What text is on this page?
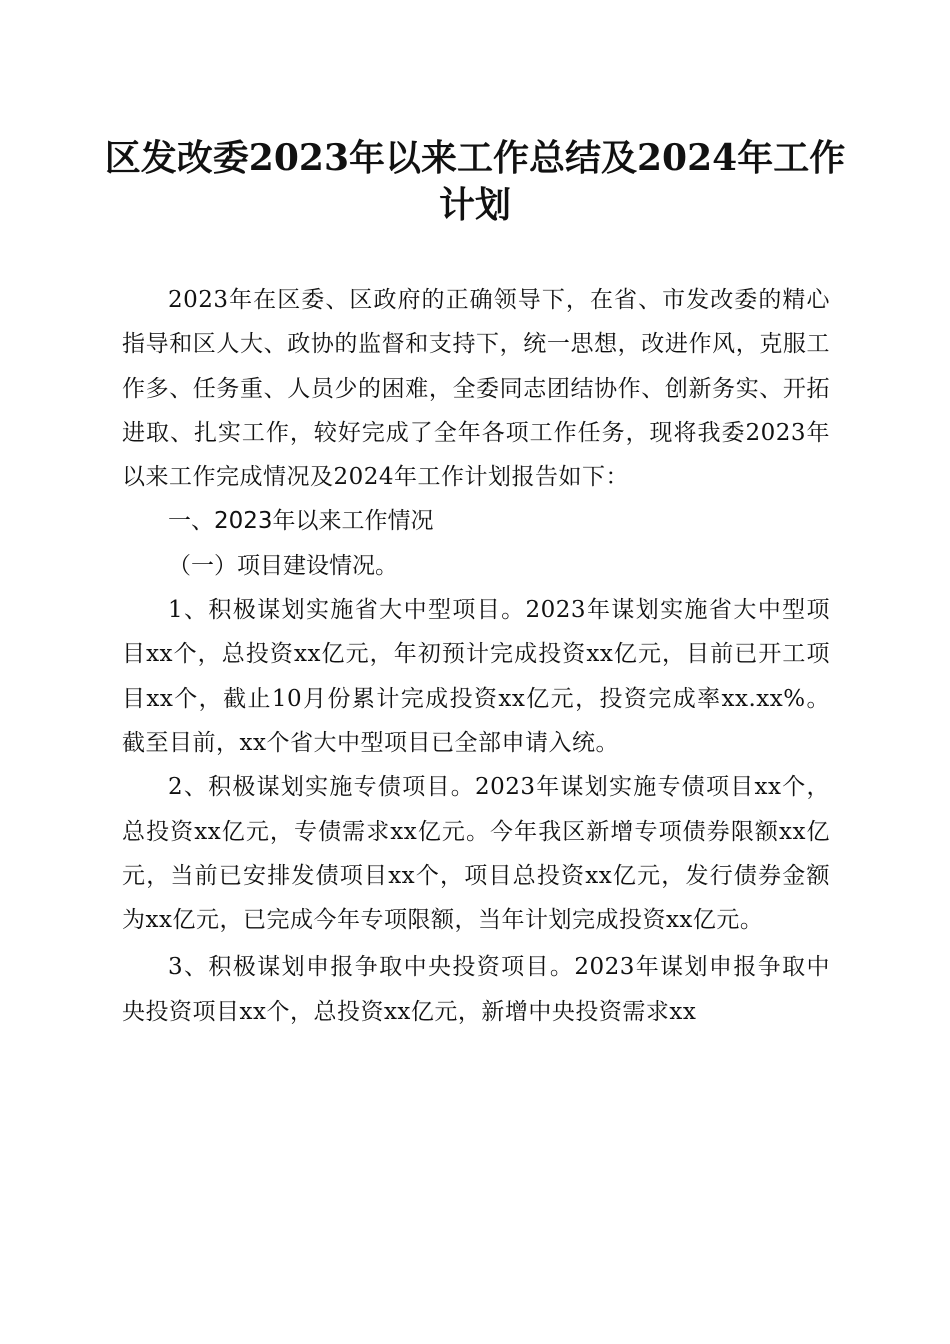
区发改委2023年以来工作总结及2024年工作计划

2023年在区委、区政府的正确领导下，在省、市发改委的精心指导和区人大、政协的监督和支持下，统一思想，改进作风，克服工作多、任务重、人员少的困难，全委同志团结协作、创新务实、开拓进取、扎实工作，较好完成了全年各项工作任务，现将我委2023年以来工作完成情况及2024年工作计划报告如下：

一、2023年以来工作情况

（一）项目建设情况。

1、积极谋划实施省大中型项目。2023年谋划实施省大中型项目xx个，总投资xx亿元，年初预计完成投资xx亿元，目前已开工项目xx个，截止10月份累计完成投资xx亿元，投资完成率xx.xx%。截至目前，xx个省大中型项目已全部申请入统。

2、积极谋划实施专债项目。2023年谋划实施专债项目xx个，总投资xx亿元，专债需求xx亿元。今年我区新增专项债券限额xx亿元，当前已安排发债项目xx个，项目总投资xx亿元，发行债券金额为xx亿元，已完成今年专项限额，当年计划完成投资xx亿元。

3、积极谋划申报争取中央投资项目。2023年谋划申报争取中央投资项目xx个，总投资xx亿元，新增中央投资需求xx
